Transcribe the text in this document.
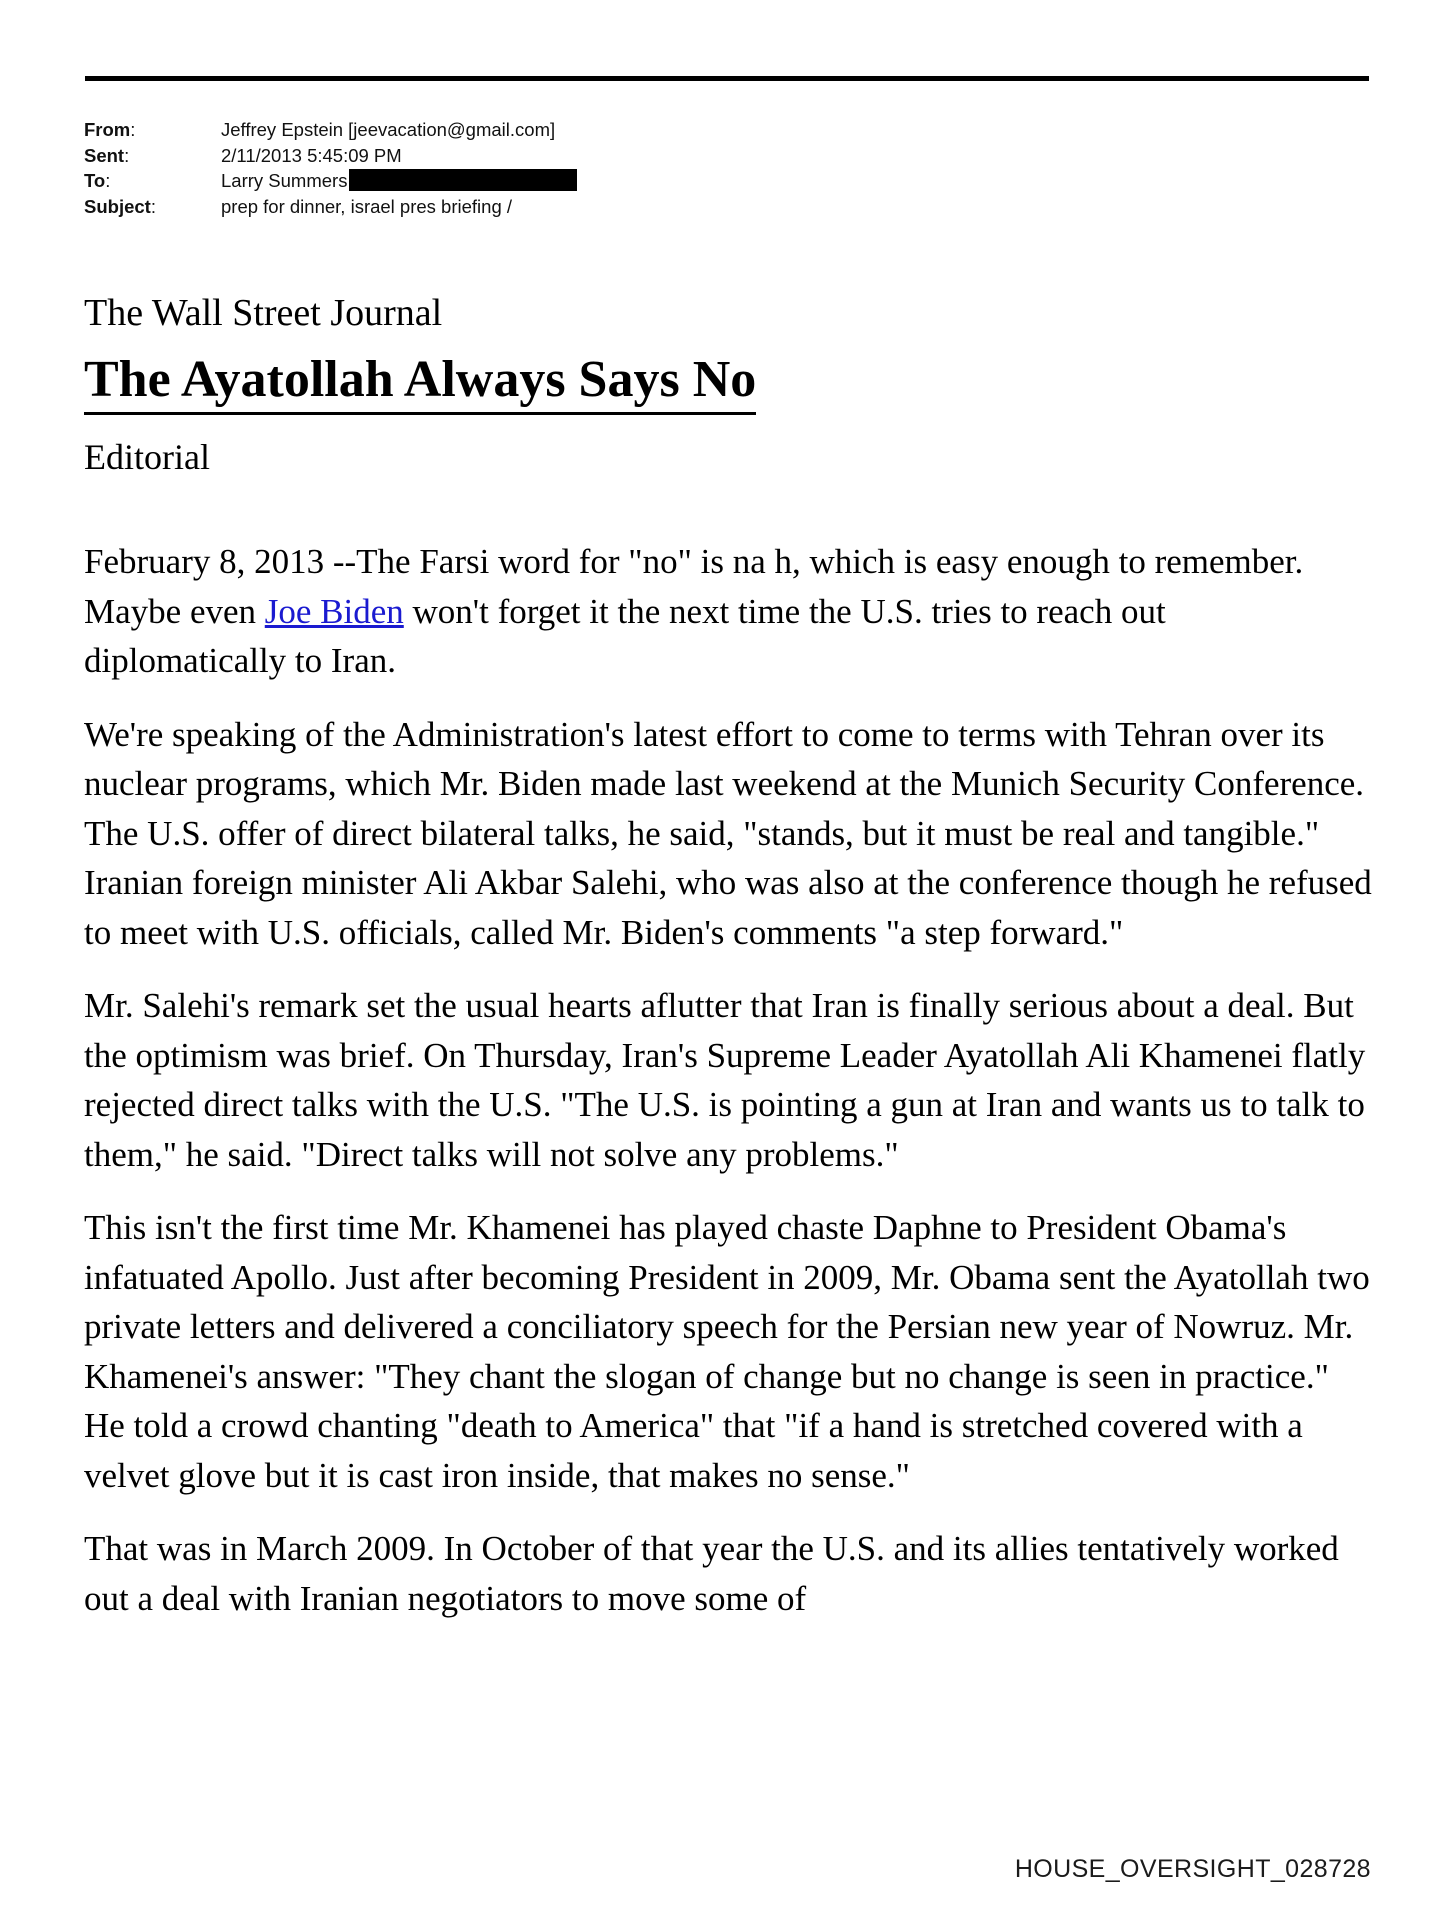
From:	Jeffrey Epstein [jeevacation@gmail.com]
Sent:	2/11/2013 5:45:09 PM
To:	Larry Summers
Subject:	prep for dinner, israel pres briefing /
The Wall Street Journal
The Ayatollah Always Says No
Editorial

February 8, 2013 --The Farsi word for "no" is na h, which is easy enough to remember. Maybe even Joe Biden won't forget it the next time the U.S. tries to reach out diplomatically to Iran.

We're speaking of the Administration's latest effort to come to terms with Tehran over its nuclear programs, which Mr. Biden made last weekend at the Munich Security Conference. The U.S. offer of direct bilateral talks, he said, "stands, but it must be real and tangible." Iranian foreign minister Ali Akbar Salehi, who was also at the conference though he refused to meet with U.S. officials, called Mr. Biden's comments "a step forward."

Mr. Salehi's remark set the usual hearts aflutter that Iran is finally serious about a deal. But the optimism was brief. On Thursday, Iran's Supreme Leader Ayatollah Ali Khamenei flatly rejected direct talks with the U.S. "The U.S. is pointing a gun at Iran and wants us to talk to them," he said. "Direct talks will not solve any problems."

This isn't the first time Mr. Khamenei has played chaste Daphne to President Obama's infatuated Apollo. Just after becoming President in 2009, Mr. Obama sent the Ayatollah two private letters and delivered a conciliatory speech for the Persian new year of Nowruz. Mr. Khamenei's answer: "They chant the slogan of change but no change is seen in practice." He told a crowd chanting "death to America" that "if a hand is stretched covered with a velvet glove but it is cast iron inside, that makes no sense."

That was in March 2009. In October of that year the U.S. and its allies tentatively worked out a deal with Iranian negotiators to move some of

HOUSE_OVERSIGHT_028728
